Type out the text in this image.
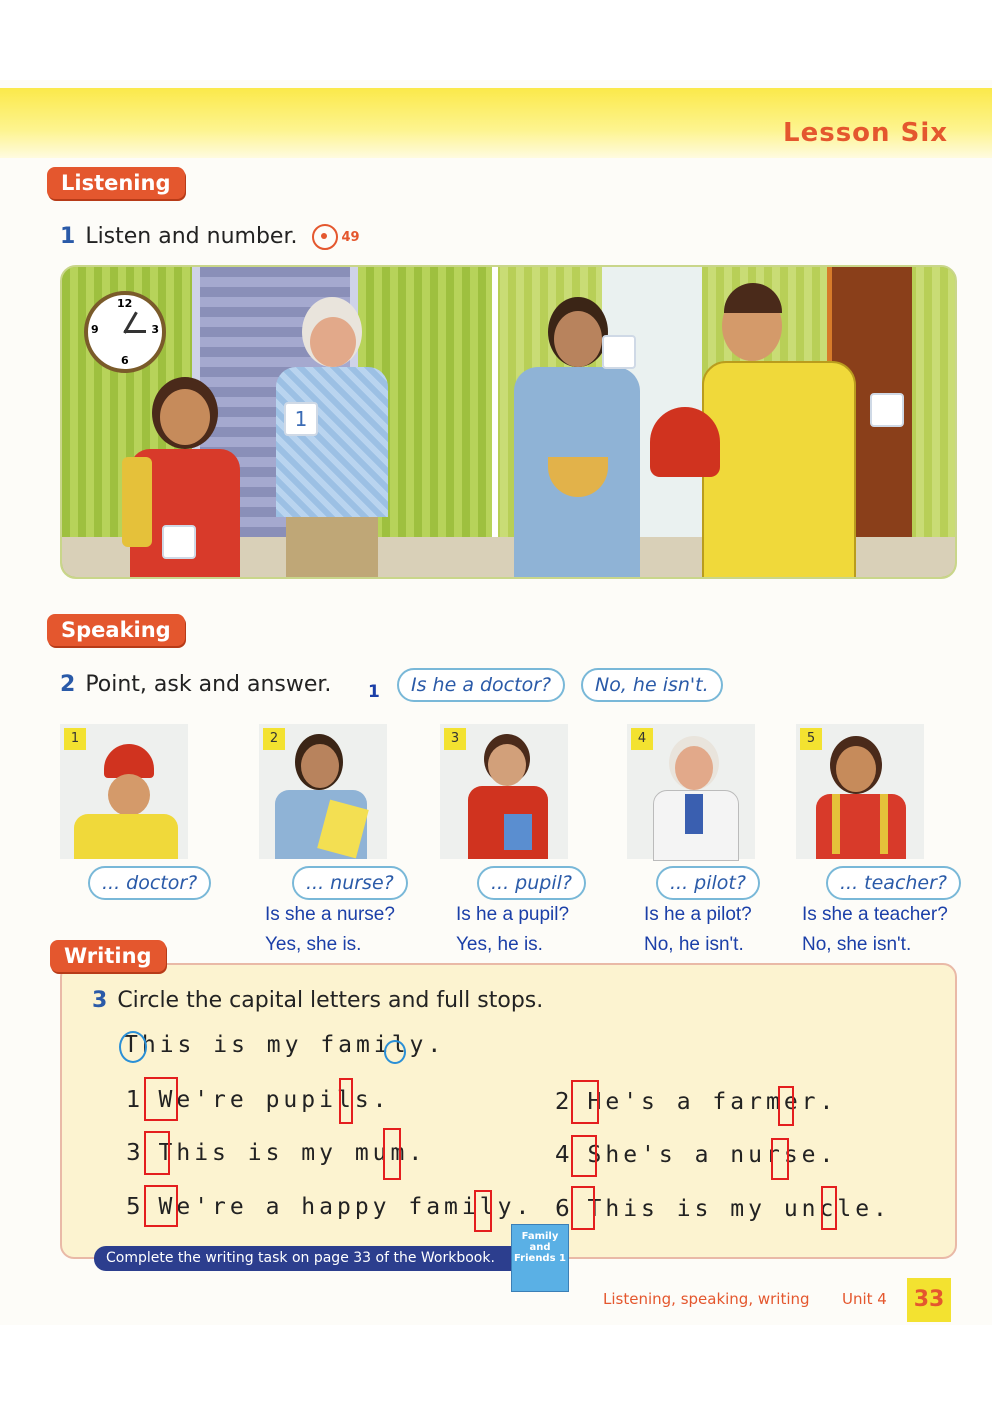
Lesson Six
Listening
1 Listen and number.	49
12
3
6
9
1
Speaking
2 Point, ask and answer. 1	Is he a doctor?	No, he isn't.
1	2	3	4	5
... doctor?	... nurse?	... pupil?	... pilot?	... teacher?
Is she a nurse?
Yes, she is.
Is he a pupil?
Yes, he is.
Is he a pilot?
No, he isn't.
Is she a teacher?
No, she isn't.
Writing
3 Circle the capital letters and full stops.
This is my family.
1 We're pupils.	2 He's a farmer.
3 This is my mum.	4 She's a nurse.
5 We're a happy family. 6 This is my uncle.
Complete the writing task on page 33 of the Workbook.
Family and Friends 1
Listening, speaking, writing Unit 4	33
